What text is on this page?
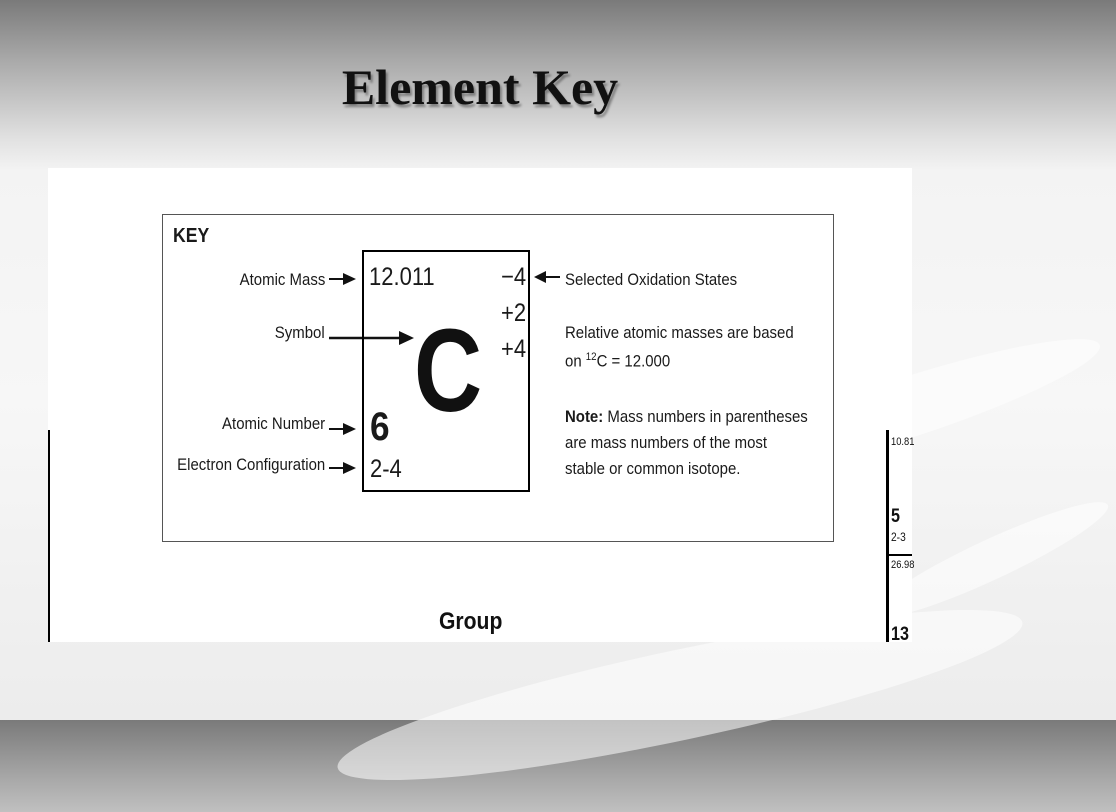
Element Key
KEY
Atomic Mass
Symbol
Atomic Number
Electron Configuration
12.011	−4
+2
+4
C
6
2-4
Selected Oxidation States
Relative atomic masses are based
on $^{12}$C = 12.000
Note: Mass numbers in parentheses
are mass numbers of the most
stable or common isotope.
Group
10.81
5
2-3
26.98
13
